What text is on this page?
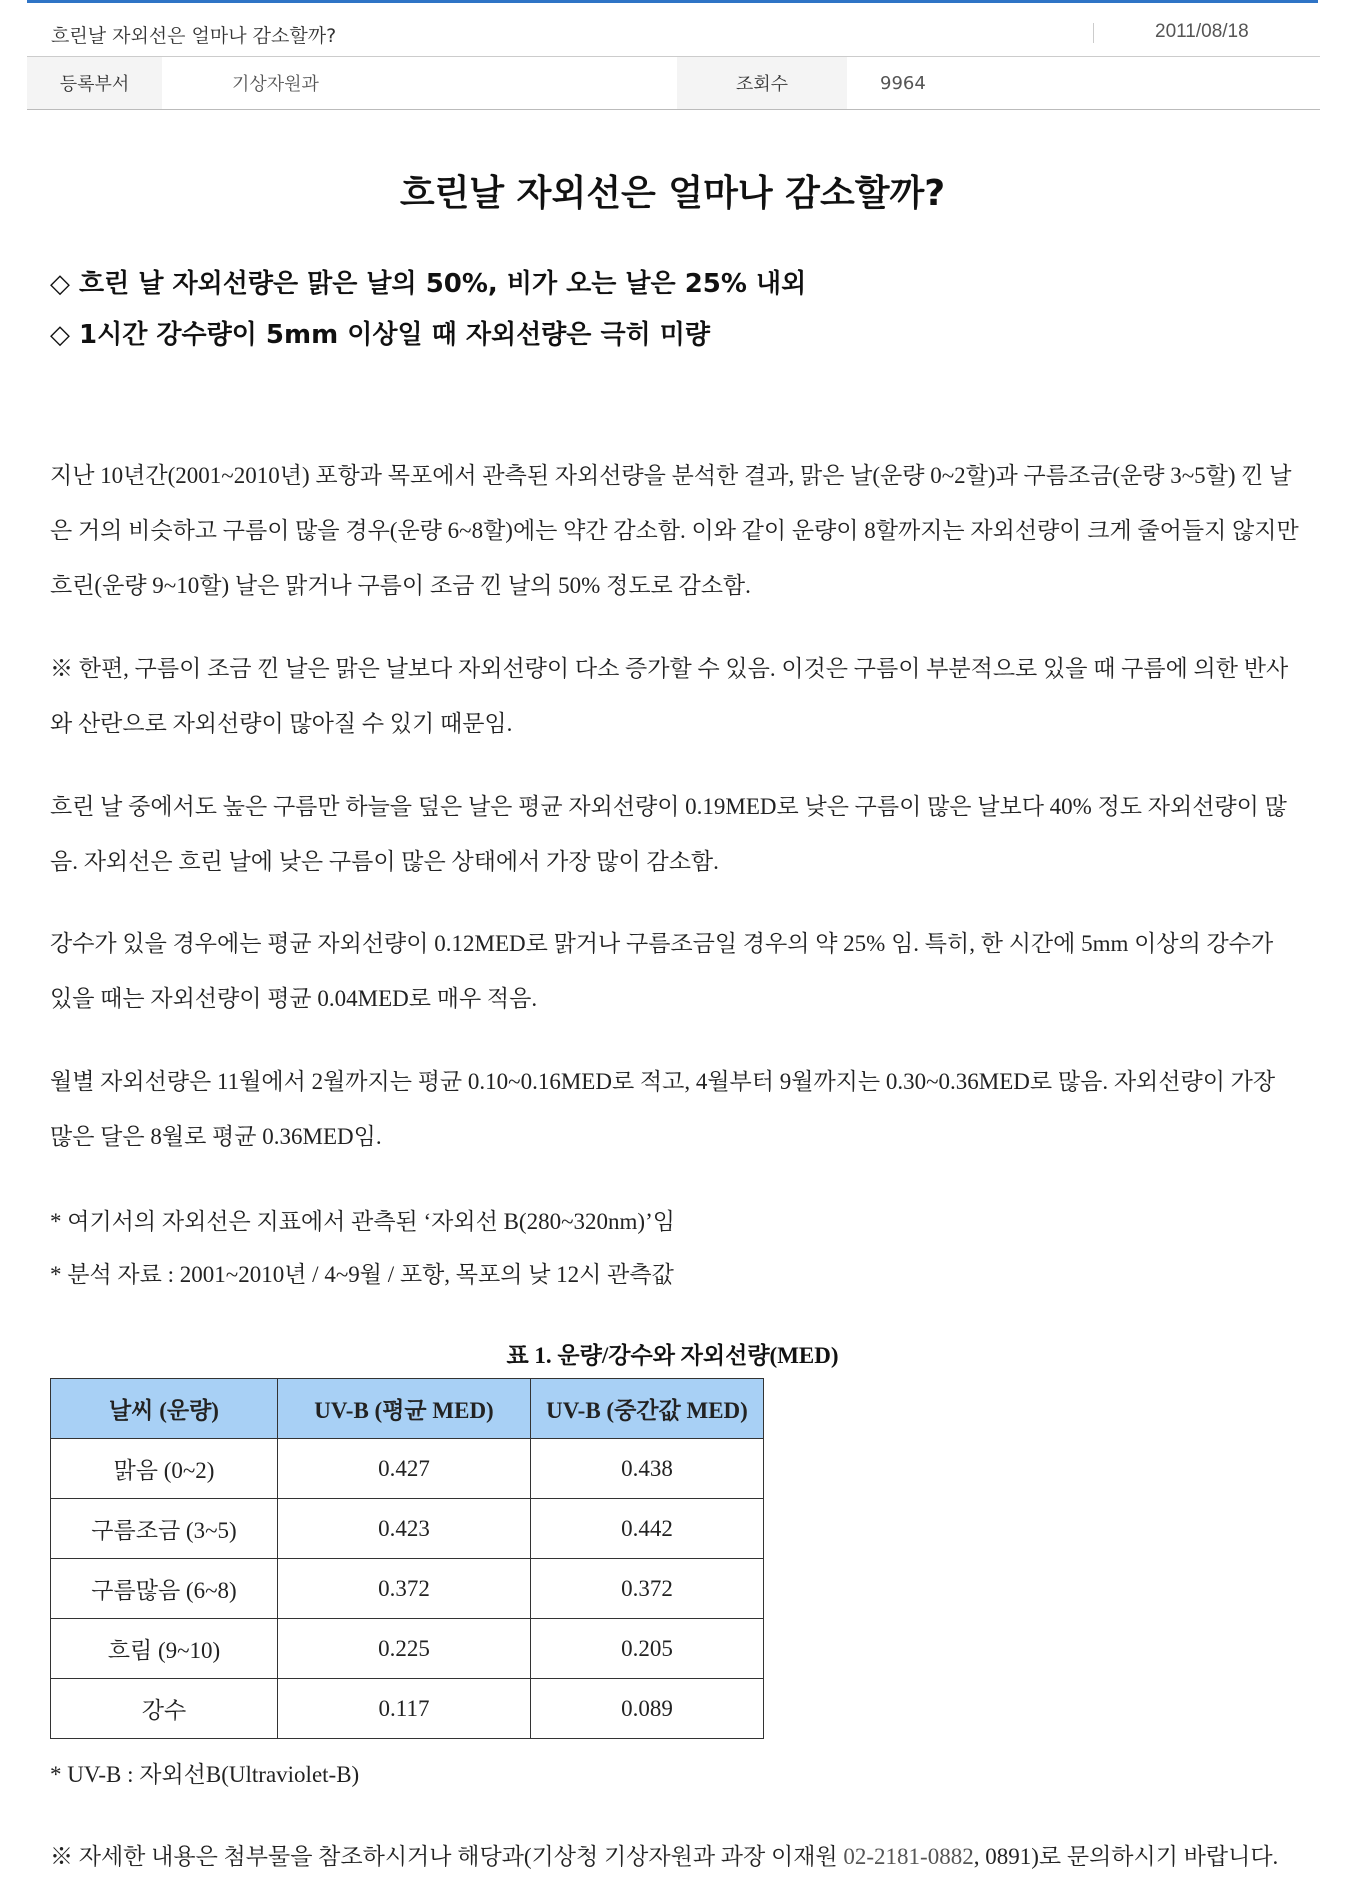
흐린날 자외선은 얼마나 감소할까?	2011/08/18
등록부서	기상자원과	조회수	9964
흐린날 자외선은 얼마나 감소할까?
◇ 흐린 날 자외선량은 맑은 날의 50%, 비가 오는 날은 25% 내외
◇ 1시간 강수량이 5mm 이상일 때 자외선량은 극히 미량
지난 10년간(2001~2010년) 포항과 목포에서 관측된 자외선량을 분석한 결과, 맑은 날(운량 0~2할)과 구름조금(운량 3~5할) 낀 날은 거의 비슷하고 구름이 많을 경우(운량 6~8할)에는 약간 감소함. 이와 같이 운량이 8할까지는 자외선량이 크게 줄어들지 않지만 흐린(운량 9~10할) 날은 맑거나 구름이 조금 낀 날의 50% 정도로 감소함.
※ 한편, 구름이 조금 낀 날은 맑은 날보다 자외선량이 다소 증가할 수 있음. 이것은 구름이 부분적으로 있을 때 구름에 의한 반사와 산란으로 자외선량이 많아질 수 있기 때문임.
흐린 날 중에서도 높은 구름만 하늘을 덮은 날은 평균 자외선량이 0.19MED로 낮은 구름이 많은 날보다 40% 정도 자외선량이 많음. 자외선은 흐린 날에 낮은 구름이 많은 상태에서 가장 많이 감소함.
강수가 있을 경우에는 평균 자외선량이 0.12MED로 맑거나 구름조금일 경우의 약 25% 임. 특히, 한 시간에 5mm 이상의 강수가 있을 때는 자외선량이 평균 0.04MED로 매우 적음.
월별 자외선량은 11월에서 2월까지는 평균 0.10~0.16MED로 적고, 4월부터 9월까지는 0.30~0.36MED로 많음. 자외선량이 가장 많은 달은 8월로 평균 0.36MED임.
* 여기서의 자외선은 지표에서 관측된 ‘자외선 B(280~320nm)’임
* 분석 자료 : 2001~2010년 / 4~9월 / 포항, 목포의 낮 12시 관측값
표 1. 운량/강수와 자외선량(MED)
날씨 (운량)	UV-B (평균 MED)	UV-B (중간값 MED)
맑음 (0~2)	0.427	0.438
구름조금 (3~5)	0.423	0.442
구름많음 (6~8)	0.372	0.372
흐림 (9~10)	0.225	0.205
강수	0.117	0.089
* UV-B : 자외선B(Ultraviolet-B)
※ 자세한 내용은 첨부물을 참조하시거나 해당과(기상청 기상자원과 과장 이재원 02-2181-0882, 0891)로 문의하시기 바랍니다.
